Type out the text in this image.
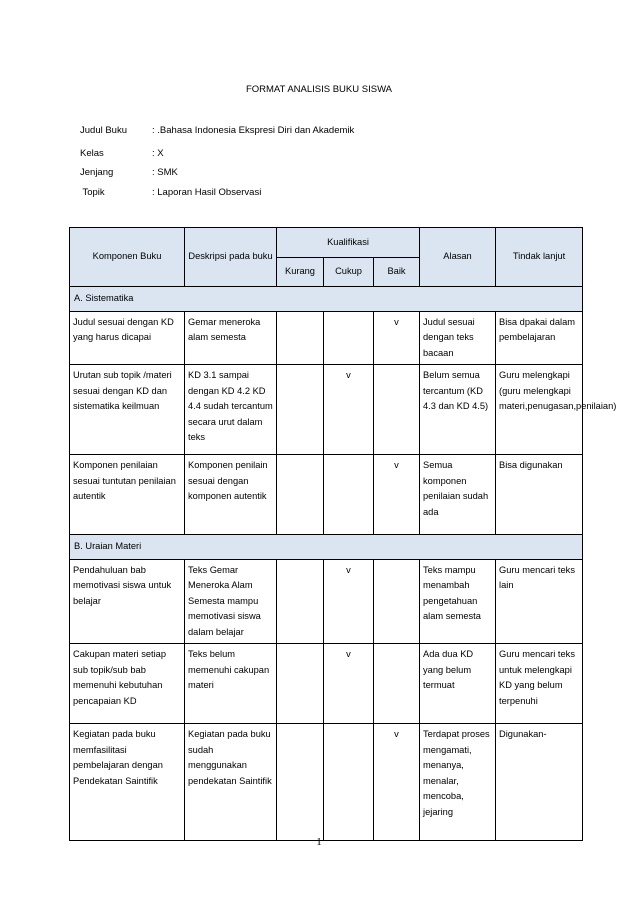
FORMAT ANALISIS BUKU SISWA
Judul Buku	: .Bahasa Indonesia Ekspresi Diri dan Akademik
Kelas	: X
Jenjang	: SMK
Topik	: Laporan Hasil Observasi
Komponen Buku	Deskripsi pada buku	Kualifikasi			Alasan	Tindak lanjut
		Kurang	Cukup	Baik		
A. Sistematika						
Judul sesuai dengan KD yang harus dicapai	Gemar meneroka alam semesta			v	Judul sesuai dengan teks bacaan	Bisa dpakai dalam pembelajaran
Urutan sub topik /materi sesuai dengan KD dan sistematika keilmuan	KD 3.1 sampai dengan KD 4.2 KD 4.4 sudah tercantum secara urut dalam teks		v		Belum semua tercantum (KD 4.3 dan KD 4.5)	Guru melengkapi (guru melengkapi materi,penugasan,penilaian)
Komponen penilaian sesuai tuntutan penilaian autentik	Komponen penilain sesuai dengan komponen autentik			v	Semua komponen penilaian sudah ada	Bisa digunakan
B. Uraian Materi						
Pendahuluan bab memotivasi siswa untuk belajar	Teks Gemar Meneroka Alam Semesta mampu memotivasi siswa dalam belajar		v		Teks mampu menambah pengetahuan alam semesta	Guru mencari teks lain
Cakupan materi setiap sub topik/sub bab memenuhi kebutuhan pencapaian KD	Teks belum memenuhi cakupan materi		v		Ada dua KD yang belum termuat	Guru mencari teks untuk melengkapi KD yang belum terpenuhi
Kegiatan pada buku memfasilitasi pembelajaran dengan Pendekatan Saintifik	Kegiatan pada buku sudah menggunakan pendekatan Saintifik			v	Terdapat proses mengamati, menanya, menalar, mencoba, jejaring	Digunakan-
1
